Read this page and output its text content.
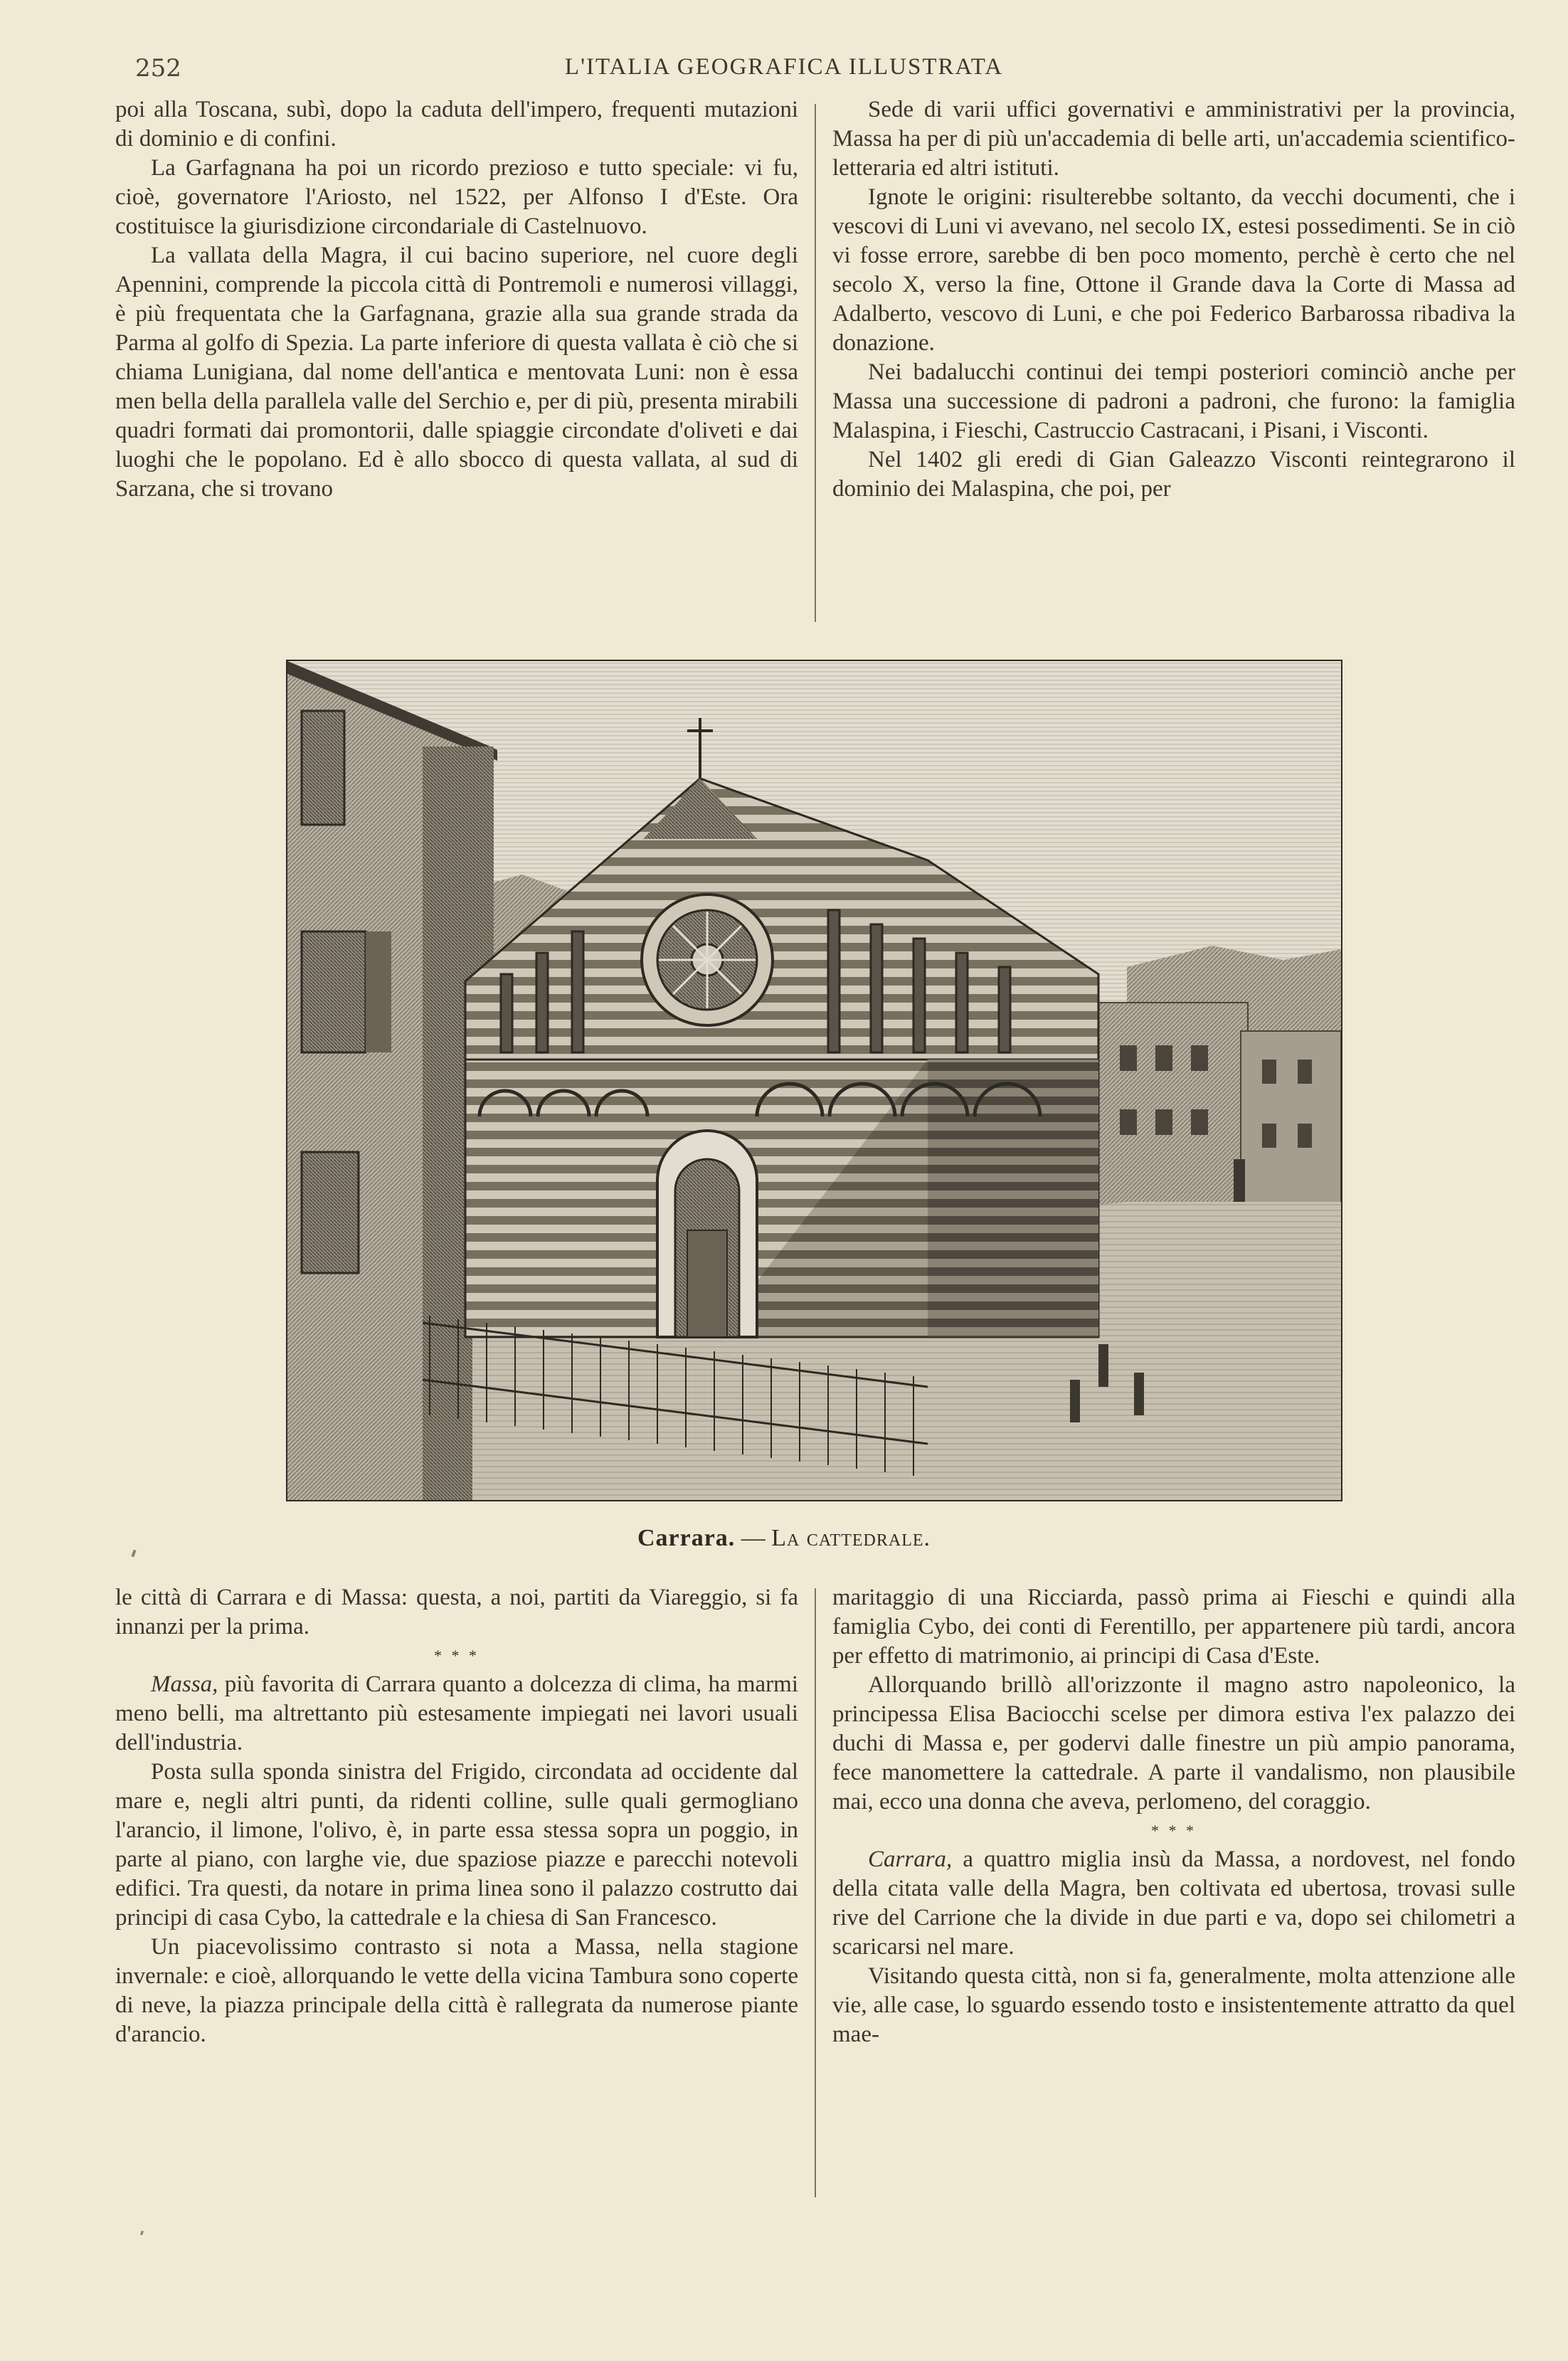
252	L'ITALIA GEOGRAFICA ILLUSTRATA

poi alla Toscana, subì, dopo la caduta dell'impero, frequenti mutazioni di dominio e di confini.

La Garfagnana ha poi un ricordo prezioso e tutto speciale: vi fu, cioè, governatore l'Ariosto, nel 1522, per Alfonso I d'Este. Ora costituisce la giurisdizione circondariale di Castelnuovo.

La vallata della Magra, il cui bacino superiore, nel cuore degli Apennini, comprende la piccola città di Pontremoli e numerosi villaggi, è più frequentata che la Garfagnana, grazie alla sua grande strada da Parma al golfo di Spezia. La parte inferiore di questa vallata è ciò che si chiama Lunigiana, dal nome dell'antica e mentovata Luni: non è essa men bella della parallela valle del Serchio e, per di più, presenta mirabili quadri formati dai promontorii, dalle spiaggie circondate d'oliveti e dai luoghi che le popolano. Ed è allo sbocco di questa vallata, al sud di Sarzana, che si trovano

Sede di varii uffici governativi e amministrativi per la provincia, Massa ha per di più un'accademia di belle arti, un'accademia scientifico-letteraria ed altri istituti.

Ignote le origini: risulterebbe soltanto, da vecchi documenti, che i vescovi di Luni vi avevano, nel secolo IX, estesi possedimenti. Se in ciò vi fosse errore, sarebbe di ben poco momento, perchè è certo che nel secolo X, verso la fine, Ottone il Grande dava la Corte di Massa ad Adalberto, vescovo di Luni, e che poi Federico Barbarossa ribadiva la donazione.

Nei badalucchi continui dei tempi posteriori cominciò anche per Massa una successione di padroni a padroni, che furono: la famiglia Malaspina, i Fieschi, Castruccio Castracani, i Pisani, i Visconti.

Nel 1402 gli eredi di Gian Galeazzo Visconti reintegrarono il dominio dei Malaspina, che poi, per

Carrara. — La cattedrale.

le città di Carrara e di Massa: questa, a noi, partiti da Viareggio, si fa innanzi per la prima.

* * *

Massa, più favorita di Carrara quanto a dolcezza di clima, ha marmi meno belli, ma altrettanto più estesamente impiegati nei lavori usuali dell'industria.

Posta sulla sponda sinistra del Frigido, circondata ad occidente dal mare e, negli altri punti, da ridenti colline, sulle quali germogliano l'arancio, il limone, l'olivo, è, in parte essa stessa sopra un poggio, in parte al piano, con larghe vie, due spaziose piazze e parecchi notevoli edifici. Tra questi, da notare in prima linea sono il palazzo costrutto dai principi di casa Cybo, la cattedrale e la chiesa di San Francesco.

Un piacevolissimo contrasto si nota a Massa, nella stagione invernale: e cioè, allorquando le vette della vicina Tambura sono coperte di neve, la piazza principale della città è rallegrata da numerose piante d'arancio.

maritaggio di una Ricciarda, passò prima ai Fieschi e quindi alla famiglia Cybo, dei conti di Ferentillo, per appartenere più tardi, ancora per effetto di matrimonio, ai principi di Casa d'Este.

Allorquando brillò all'orizzonte il magno astro napoleonico, la principessa Elisa Baciocchi scelse per dimora estiva l'ex palazzo dei duchi di Massa e, per godervi dalle finestre un più ampio panorama, fece manomettere la cattedrale. A parte il vandalismo, non plausibile mai, ecco una donna che aveva, perlomeno, del coraggio.

* * *

Carrara, a quattro miglia insù da Massa, a nordovest, nel fondo della citata valle della Magra, ben coltivata ed ubertosa, trovasi sulle rive del Carrione che la divide in due parti e va, dopo sei chilometri a scaricarsi nel mare.

Visitando questa città, non si fa, generalmente, molta attenzione alle vie, alle case, lo sguardo essendo tosto e insistentemente attratto da quel mae-
